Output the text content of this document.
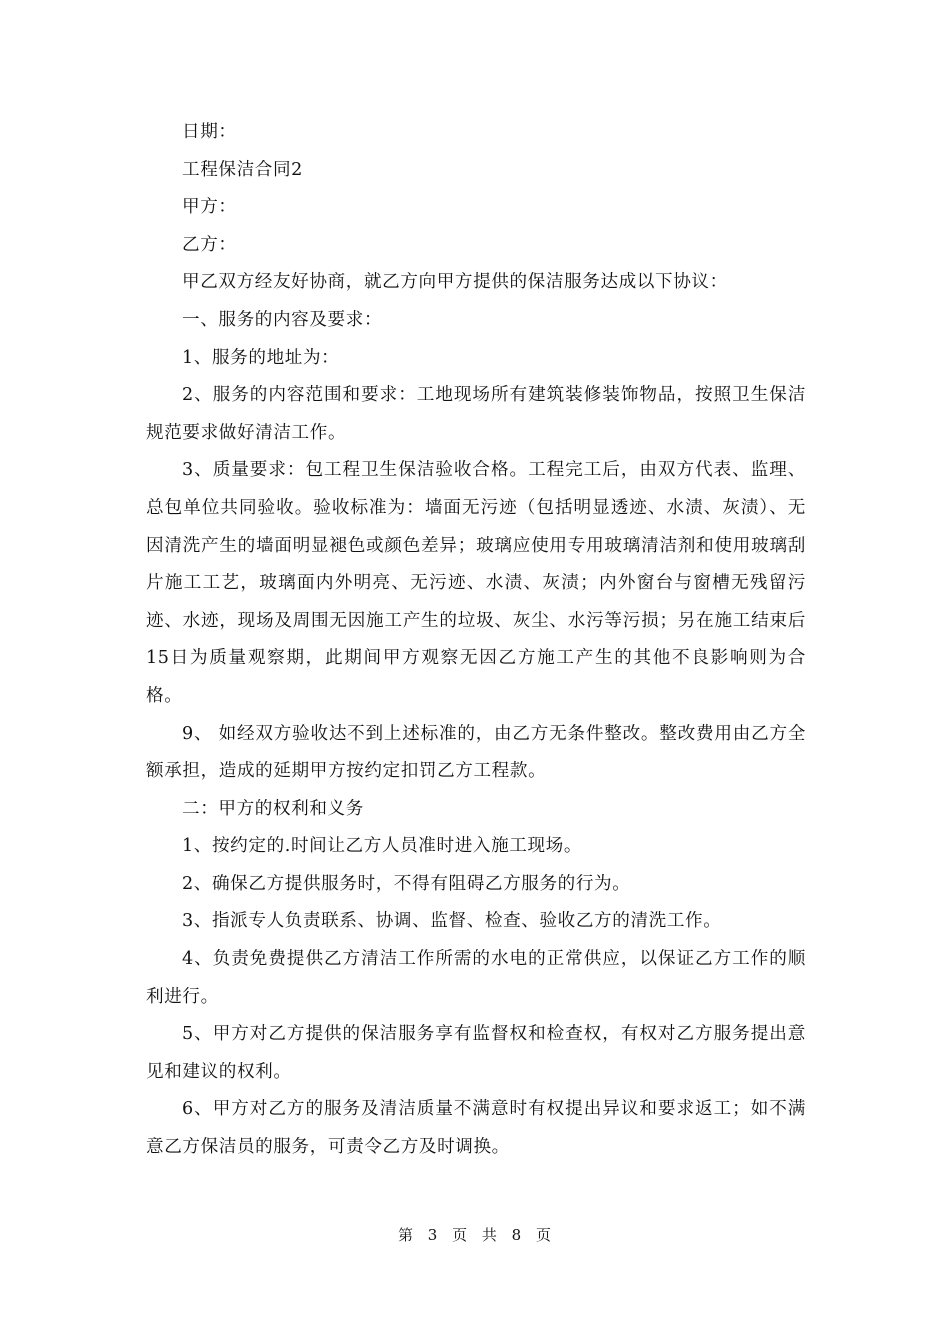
日期：

工程保洁合同2

甲方：

乙方：

甲乙双方经友好协商，就乙方向甲方提供的保洁服务达成以下协议：

一、服务的内容及要求：

1、服务的地址为：

2、服务的内容范围和要求：工地现场所有建筑装修装饰物品，按照卫生保洁规范要求做好清洁工作。

3、质量要求：包工程卫生保洁验收合格。工程完工后，由双方代表、监理、总包单位共同验收。验收标准为：墙面无污迹（包括明显透迹、水渍、灰渍）、无因清洗产生的墙面明显褪色或颜色差异；玻璃应使用专用玻璃清洁剂和使用玻璃刮片施工工艺，玻璃面内外明亮、无污迹、水渍、灰渍；内外窗台与窗槽无残留污迹、水迹，现场及周围无因施工产生的垃圾、灰尘、水污等污损；另在施工结束后15日为质量观察期，此期间甲方观察无因乙方施工产生的其他不良影响则为合格。

9、 如经双方验收达不到上述标准的，由乙方无条件整改。整改费用由乙方全额承担，造成的延期甲方按约定扣罚乙方工程款。

二：甲方的权利和义务

1、按约定的.时间让乙方人员准时进入施工现场。

2、确保乙方提供服务时，不得有阻碍乙方服务的行为。

3、指派专人负责联系、协调、监督、检查、验收乙方的清洗工作。

4、负责免费提供乙方清洁工作所需的水电的正常供应，以保证乙方工作的顺利进行。

5、甲方对乙方提供的保洁服务享有监督权和检查权，有权对乙方服务提出意见和建议的权利。

6、甲方对乙方的服务及清洁质量不满意时有权提出异议和要求返工；如不满意乙方保洁员的服务，可责令乙方及时调换。

第 3 页 共 8 页
